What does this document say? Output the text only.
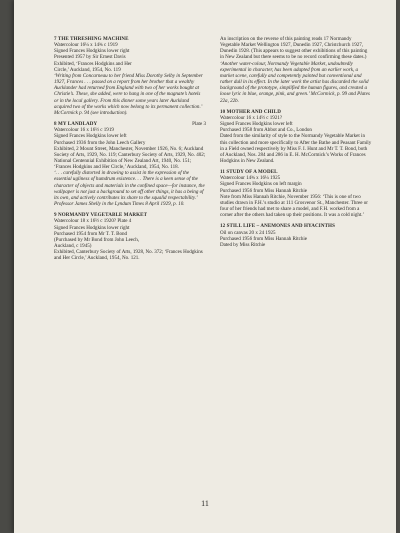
7 THE THRESHING MACHINE
Watercolour 16¼ x 14¾ c 1919
Signed Frances Hodgkins lower right
Presented 1957 by Sir Ernest Davis
Exhibited, ‘Frances Hodgkins and Her
Circle,’ Auckland, 1954, No. 119
‘Writing from Concarneau to her friend Miss Dorothy Selby in September 1927, Frances . . . passed on a report from her brother that a wealthy Aucklander had returned from England with two of her works bought at Christie’s. These, she added, were to hang in one of the magnate’s hotels or in the local gallery. From this dinner some years later Auckland acquired two of the works which now belong to its permanent collection.’ McCormick p. 94 (see introduction).
8 MY LANDLADY	Plate 3
Watercolour 16 x 16½ c 1919
Signed Frances Hodgkins lower left
Purchased 1936 from the John Leech Gallery
Exhibited, 2 Mount Street, Manchester, November 1926, No. 6; Auckland Society of Arts, 1929, No. 119; Canterbury Society of Arts, 1929, No. 402; National Centennial Exhibition of New Zealand Art, 1940, No. 151; ‘Frances Hodgkins and Her Circle,’ Auckland, 1954, No. 118.
‘. . . carefully distorted in drawing to assist in the expression of the essential ugliness of humdrum existence. . . There is a keen sense of the character of objects and materials in the confined space—for instance, the wallpaper is not just a background to set off other things, it has a being of its own, and actively contributes its share to the squalid respectability.’ Professor James Shelly in the Lyndum Times 8 April 1929, p. 10.
9 NORMANDY VEGETABLE MARKET
Watercolour 18 x 16½ c 1920? Plate 4
Signed Frances Hodgkins lower right
Purchased 1954 from Mr T. T. Bond
(Purchased by Mr Bond from John Leech,
Auckland, c 1945)
Exhibited, Canterbury Society of Arts, 1928, No. 372; ‘Frances Hodgkins and Her Circle,’ Auckland, 1954, No. 121.
An inscription on the reverse of this painting reads 17 Normandy Vegetable Market Wellington 1927, Dunedin 1927, Christchurch 1927, Dunedin 1928. (This appears to suggest other exhibitions of this painting in New Zealand but there seems to be no record confirming these dates.)
‘Another water-colour, Normandy Vegetable Market, undoubtedly experimental in character, has been adapted from an earlier work, a market scene, carefully and competently painted but conventional and rather dull in its effect. In the later work the artist has discarded the solid background of the prototype, simplified the human figures, and created a loose lyric in blue, orange, pink, and green.’ McCormick, p. 99 and Plates 22a, 22b.
10 MOTHER AND CHILD
Watercolour 16 x 14½ c 1921?
Signed Frances Hodgkins lower left
Purchased 1958 from Abbot and Co., London
Dated from the similarity of style to the Normandy Vegetable Market in this collection and more specifically to After the Bathe and Peasant Family in a Field owned respectively by Miss F. I. Hunt and Mr T. T. Bond, both of Auckland, Nos. 284 and 286 in E. H. McCormick’s Works of Frances Hodgkins in New Zealand.
11 STUDY OF A MODEL
Watercolour 14¾ x 16¼ 1925
Signed Frances Hodgkins on left margin
Purchased 1956 from Miss Hannah Ritchie
Note from Miss Hannah Ritchie, November 1956: ‘This is one of two studies drawn in F.H.’s studio at 111 Grosvenor St., Manchester. Three or four of her friends had met to share a model, and F.H. worked from a corner after the others had taken up their positions. It was a cold night.’
12 STILL LIFE – ANEMONES AND HYACINTHS
Oil on canvas 20 x 24 1925
Purchased 1956 from Miss Hannah Ritchie
Dated by Miss Ritchie
11
